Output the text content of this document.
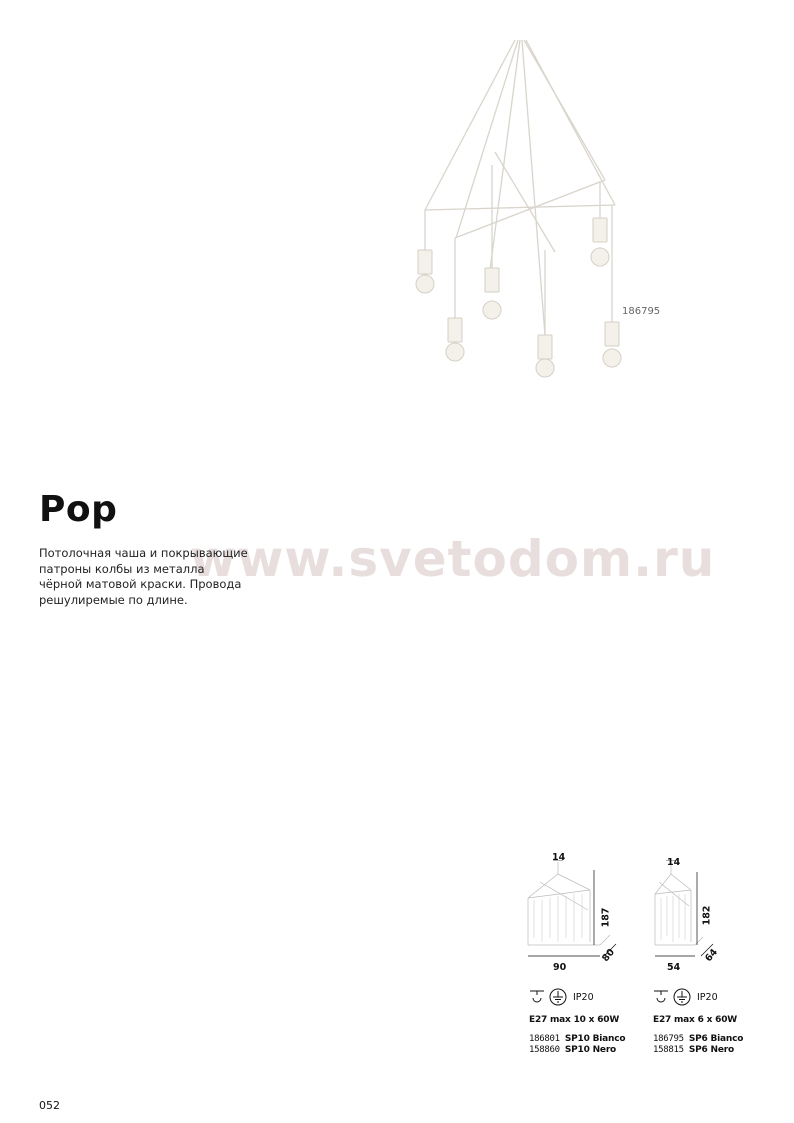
186795
www.svetodom.ru
Pop
Потолочная чаша и покрывающие
патроны колбы из металла
чёрной матовой краски. Провода
решулиремые по длине.
14
187
90
80
14
182
54
64
IP20	IP20
E27 max 10 x 60W
186801 SP10 Bianco
158860 SP10 Nero
E27 max 6 x 60W
186795 SP6 Bianco
158815 SP6 Nero
052
